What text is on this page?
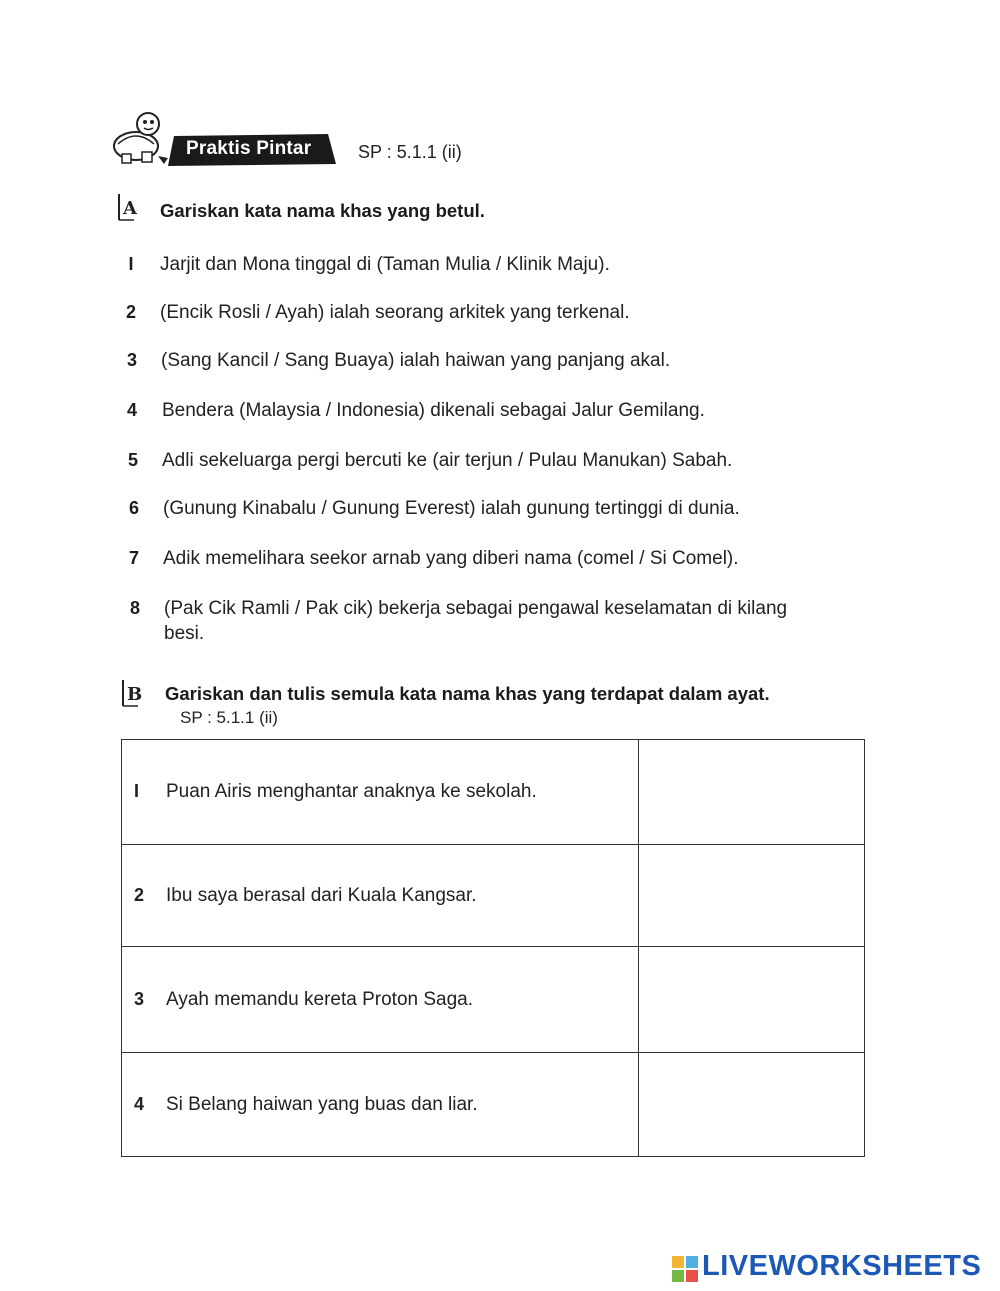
Praktis Pintar	SP : 5.1.1 (ii)
A Gariskan kata nama khas yang betul.
I	Jarjit dan Mona tinggal di (Taman Mulia / Klinik Maju).
2	(Encik Rosli / Ayah) ialah seorang arkitek yang terkenal.
3	(Sang Kancil / Sang Buaya) ialah haiwan yang panjang akal.
4	Bendera (Malaysia / Indonesia) dikenali sebagai Jalur Gemilang.
5	Adli sekeluarga pergi bercuti ke (air terjun / Pulau Manukan) Sabah.
6	(Gunung Kinabalu / Gunung Everest) ialah gunung tertinggi di dunia.
7	Adik memelihara seekor arnab yang diberi nama (comel / Si Comel).
8	(Pak Cik Ramli / Pak cik) bekerja sebagai pengawal keselamatan di kilang
besi.
B Gariskan dan tulis semula kata nama khas yang terdapat dalam ayat.
SP : 5.1.1 (ii)
I Puan Airis menghantar anaknya ke sekolah.	
2 Ibu saya berasal dari Kuala Kangsar.	
3 Ayah memandu kereta Proton Saga.	
4 Si Belang haiwan yang buas dan liar.	
LIVEWORKSHEETS
